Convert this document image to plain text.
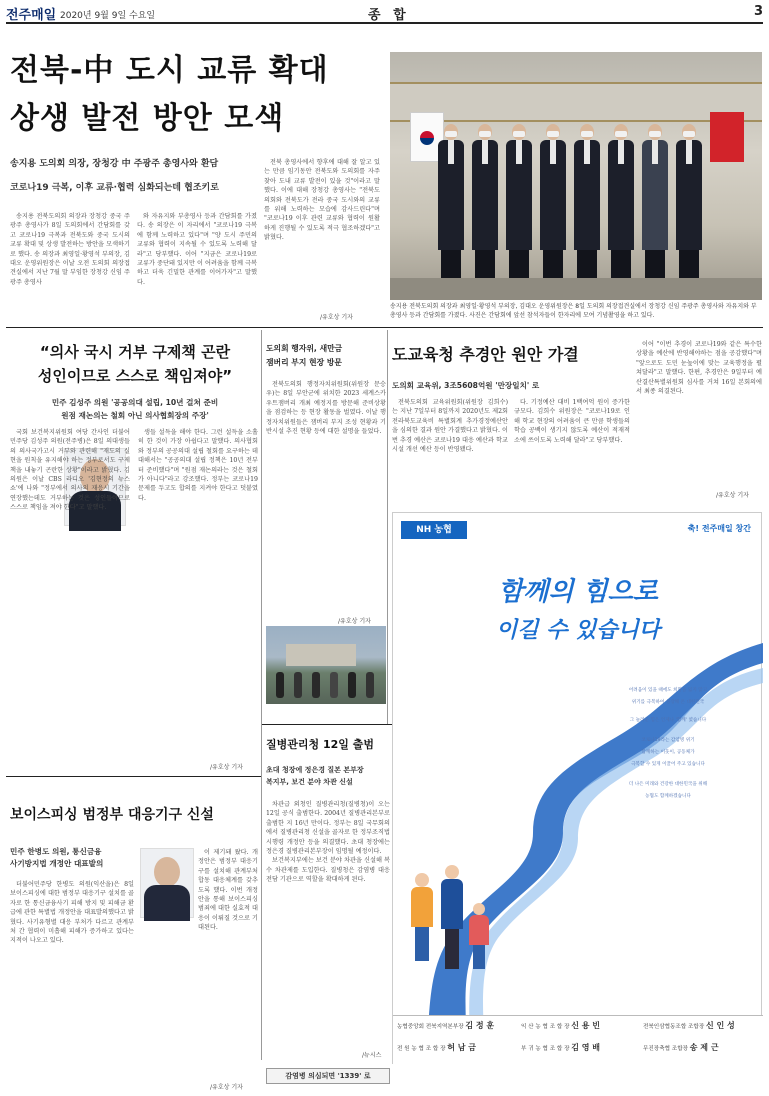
전주매일 2020년 9월 9일 수요일	종 합	3
전북-中 도시 교류 확대
상생 발전 방안 모색
송지용 도의회 의장, 장청강 中 주광주 총영사와 환담
코로나19 극복, 이후 교류·협력 심화되는데 협조키로

송지용 전북도의회 의장과 장청강 중국 주광주 총영사가 8일 도의회에서 간담회를 갖고 코로나19 극복과 전북도와 중국 도시의 교류 확대 및 상생 발전하는 방안을 모색하기로 했다. 송 의장과 최영일·황영석 부의장, 김대오 운영위원장은 이날 오전 도의회 의장접견실에서 지난 7월 말 부임한 장청강 신임 주광주 총영사

와 자유지와 부총영사 등과 간담회를 가졌다. 송 의장은 이 자리에서 "코로나19 극복에 함께 노력하고 있다"며 "양 도시 주민의 교류와 협력이 지속될 수 있도록 노력해 달라"고 당부했다. 이어 "지금은 코로나19로 교류가 중단돼 있지만 이 어려움을 함께 극복하고 더욱 긴밀한 관계를 이어가자"고 말했다.

전북 총영사에서 향후에 대해 잘 알고 있는 만큼 임기동안 전북도와 도의회를 자주 찾아 도내 교류 발전이 있을 것"이라고 말했다. 이에 대해 장청강 총영사는 "전북도의회와 전북도가 전라 중국 도시와의 교류를 위해 노력하는 모습에 감사드린다"며 "코로나19 이후 관련 교류와 협력이 원활하게 진행될 수 있도록 적극 협조하겠다"고 밝혔다.

/유호상 기자
송지용 전북도의회 의장과 최영일·황영석 부의장, 김대오 운영위원장은 8일 도의회 의장접견실에서 장청강 신임 주광주 총영사와 자유지와 부총영사 등과 간담회를 가졌다. 사진은 간담회에 앞선 참석자들이 한자리에 모여 기념촬영을 하고 있다.
“의사 국시 거부 구제책 곤란
성인이므로 스스로 책임져야”
민주 김성주 의원 '공공의대 설립, 10년 걸쳐 준비
원점 재논의는 철회 아닌 의사협회장의 주장'

국회 보건복지위원회 여당 간사인 더불어민주당 김성주 의원(전주병)은 8일 의대생들의 의사국가고시 거부와 관련해 "재도의 실현을 원칙을 유지해야 하는 정부로서도 구제책을 내놓기 곤란한 상황"이라고 밝혔다. 김 의원은 이날 CBS 라디오 '김현정의 뉴스쇼'에 나와 "정부에서 의사의 재응시 기간을 연장했는데도 거부하는 것은 성인들이므로 스스로 책임을 져야 한다"고 말했다.

생들 설득을 해야 한다. 그런 설득을 소홀히 한 것이 가장 아쉽다고 말했다. 의사협회와 정부의 공공의대 설립 철회를 요구하는 데 대해서는 "공공의대 설립 정책은 10년 전부터 준비했다"며 "원점 재논의라는 것은 철회가 아니다"라고 강조했다. 정부는 코로나19 문제를 두고도 합의를 지켜야 한다고 덧붙였다.

/유호상 기자
보이스피싱 범정부 대응기구 신설
민주 한병도 의원, 통신금융
사기방지법 개정안 대표발의

더불어민주당 한병도 의원(익산을)은 8일 보이스피싱에 대한 범정부 대응기구 설치를 골자로 한 통신금융사기 피해 방지 및 피해금 환급에 관한 특별법 개정안을 대표발의했다고 밝혔다. 사기유형별 대응 부처가 다르고 관계부처 간 협력이 미흡해 피해가 증가하고 있다는 지적이 나오고 있다.

이 제기돼 왔다. 개정안은 범정부 대응기구를 설치해 관계부처 합동 대응체계를 갖추도록 했다. 이번 개정안을 통해 보이스피싱 범죄에 대한 실효적 대응이 이뤄질 것으로 기대된다.

/유호상 기자
도의회 행자위, 새만금
잼버리 부지 현장 방문

전북도의회 행정자치위원회(위원장 문승우)는 8일 부안군에 위치한 2023 세계스카우트잼버리 개최 예정지를 방문해 준비상황을 점검하는 등 현장 활동을 벌였다. 이날 행정자치위원들은 잼버리 부지 조성 현황과 기반시설 추진 현황 등에 대한 설명을 들었다.

도교육청 추경안 원안 가결
도의회 교육위, 3조5608억원 '만장일치' 로

전북도의회 교육위원회(위원장 김희수)는 지난 7일부터 8일까지 2020년도 제2회 전라북도교육비 특별회계 추가경정예산안을 심의한 결과 원안 가결했다고 밝혔다. 이번 추경 예산은 코로나19 대응 예산과 학교 시설 개선 예산 등이 반영됐다.

다. 기정예산 대비 1백여억 원이 증가한 규모다. 김희수 위원장은 "코로나19로 인해 학교 현장의 어려움이 큰 만큼 학생들의 학습 공백이 생기지 않도록 예산이 적재적소에 쓰이도록 노력해 달라"고 당부했다.

이어 "이번 추경이 코로나19와 같은 특수한 상황을 예산에 반영해야하는 점을 공감했다"며 "앞으로도 도민 눈높이에 맞는 교육행정을 펼쳐달라"고 말했다. 한편, 추경안은 9일부터 예산결산특별위원회 심사를 거쳐 16일 본회의에서 최종 의결된다.

/유호상 기자
/유호상 기자
질병관리청 12일 출범
초대 청장에 정은경 질본 본부장
복지부, 보건 분야 차관 신설

차관급 외청인 질병관리청(질병청)이 오는 12일 공식 출범한다. 2004년 질병관리본부로 출범한 지 16년 만이다. 정부는 8일 국무회의에서 질병관리청 신설을 골자로 한 정부조직법 시행령 개정안 등을 의결했다. 초대 청장에는 정은경 질병관리본부장이 임명될 예정이다.

보건복지부에는 보건 분야 차관을 신설해 복수 차관제를 도입한다. 질병청은 감염병 대응 전담 기관으로 역할을 확대하게 된다.

/뉴시스
감염병 의심되면 '1339' 로
NH 농협	축! 전주매일 창간
함께의 힘으로
이길 수 있습니다
어려움이 있을 때에도 희망을 잃지 않고
위기를 극복하여 성장해 온 대한민국
그 놀라운 힘은 언제나 '함께' 였습니다
코로나19라는 감염병 위기
함께하는 이웃이, 공동체가
극복할 수 있게 이끌어 주고 있습니다
더 나은 미래와 건강한 대한민국을 위해
농협도 함께하겠습니다
농협중앙회 전북지역본부장 김 정 훈	익 산 농 협 조 합 장 신 용 빈	전북인삼협동조합 조합장 신 인 성
전 원 농 협 조 합 장 허 남 금	부 귀 농 협 조 합 장 김 영 배	무진장축협 조합장 송 제 근
